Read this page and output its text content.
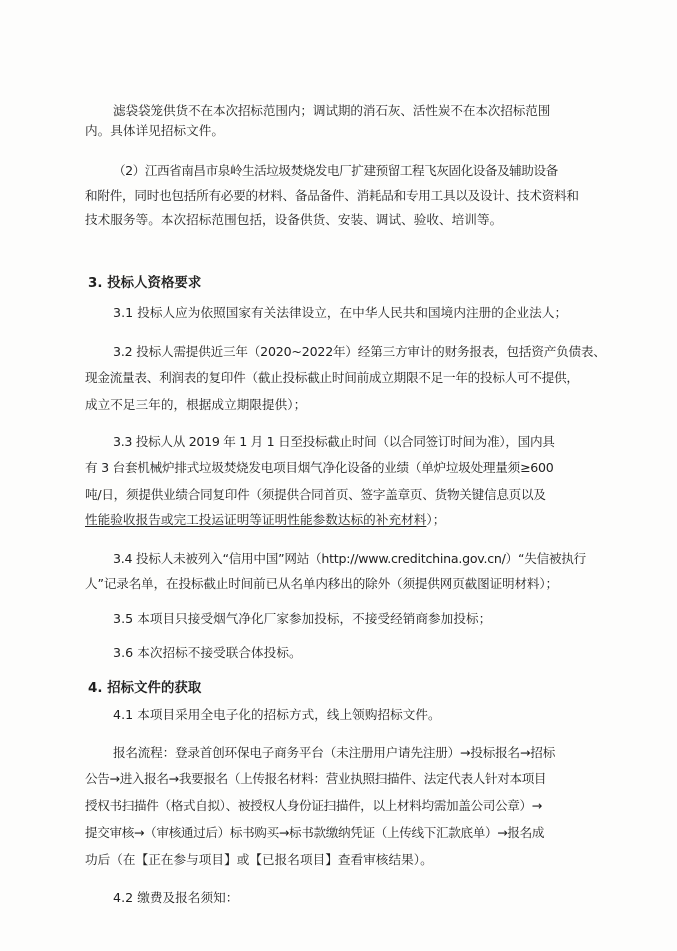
滤袋袋笼供货不在本次招标范围内；调试期的消石灰、活性炭不在本次招标范围

内。具体详见招标文件。

（2）江西省南昌市泉岭生活垃圾焚烧发电厂扩建预留工程飞灰固化设备及辅助设备

和附件，同时也包括所有必要的材料、备品备件、消耗品和专用工具以及设计、技术资料和

技术服务等。本次招标范围包括，设备供货、安装、调试、验收、培训等。

3. 投标人资格要求

3.1 投标人应为依照国家有关法律设立，在中华人民共和国境内注册的企业法人；

3.2 投标人需提供近三年（2020~2022年）经第三方审计的财务报表，包括资产负债表、

现金流量表、利润表的复印件（截止投标截止时间前成立期限不足一年的投标人可不提供，

成立不足三年的，根据成立期限提供）；

3.3 投标人从 2019 年 1 月 1 日至投标截止时间（以合同签订时间为准），国内具

有 3 台套机械炉排式垃圾焚烧发电项目烟气净化设备的业绩（单炉垃圾处理量须≥600

吨/日，须提供业绩合同复印件（须提供合同首页、签字盖章页、货物关键信息页以及

性能验收报告或完工投运证明等证明性能参数达标的补充材料）；

3.4 投标人未被列入“信用中国”网站（http://www.creditchina.gov.cn/）“失信被执行

人”记录名单，在投标截止时间前已从名单内移出的除外（须提供网页截图证明材料）；

3.5 本项目只接受烟气净化厂家参加投标，不接受经销商参加投标；

3.6 本次招标不接受联合体投标。

4. 招标文件的获取

4.1 本项目采用全电子化的招标方式，线上领购招标文件。

报名流程：登录首创环保电子商务平台（未注册用户请先注册）→投标报名→招标

公告→进入报名→我要报名（上传报名材料：营业执照扫描件、法定代表人针对本项目

授权书扫描件（格式自拟）、被授权人身份证扫描件，以上材料均需加盖公司公章）→

提交审核→（审核通过后）标书购买→标书款缴纳凭证（上传线下汇款底单）→报名成

功后（在【正在参与项目】或【已报名项目】查看审核结果）。

4.2 缴费及报名须知：
